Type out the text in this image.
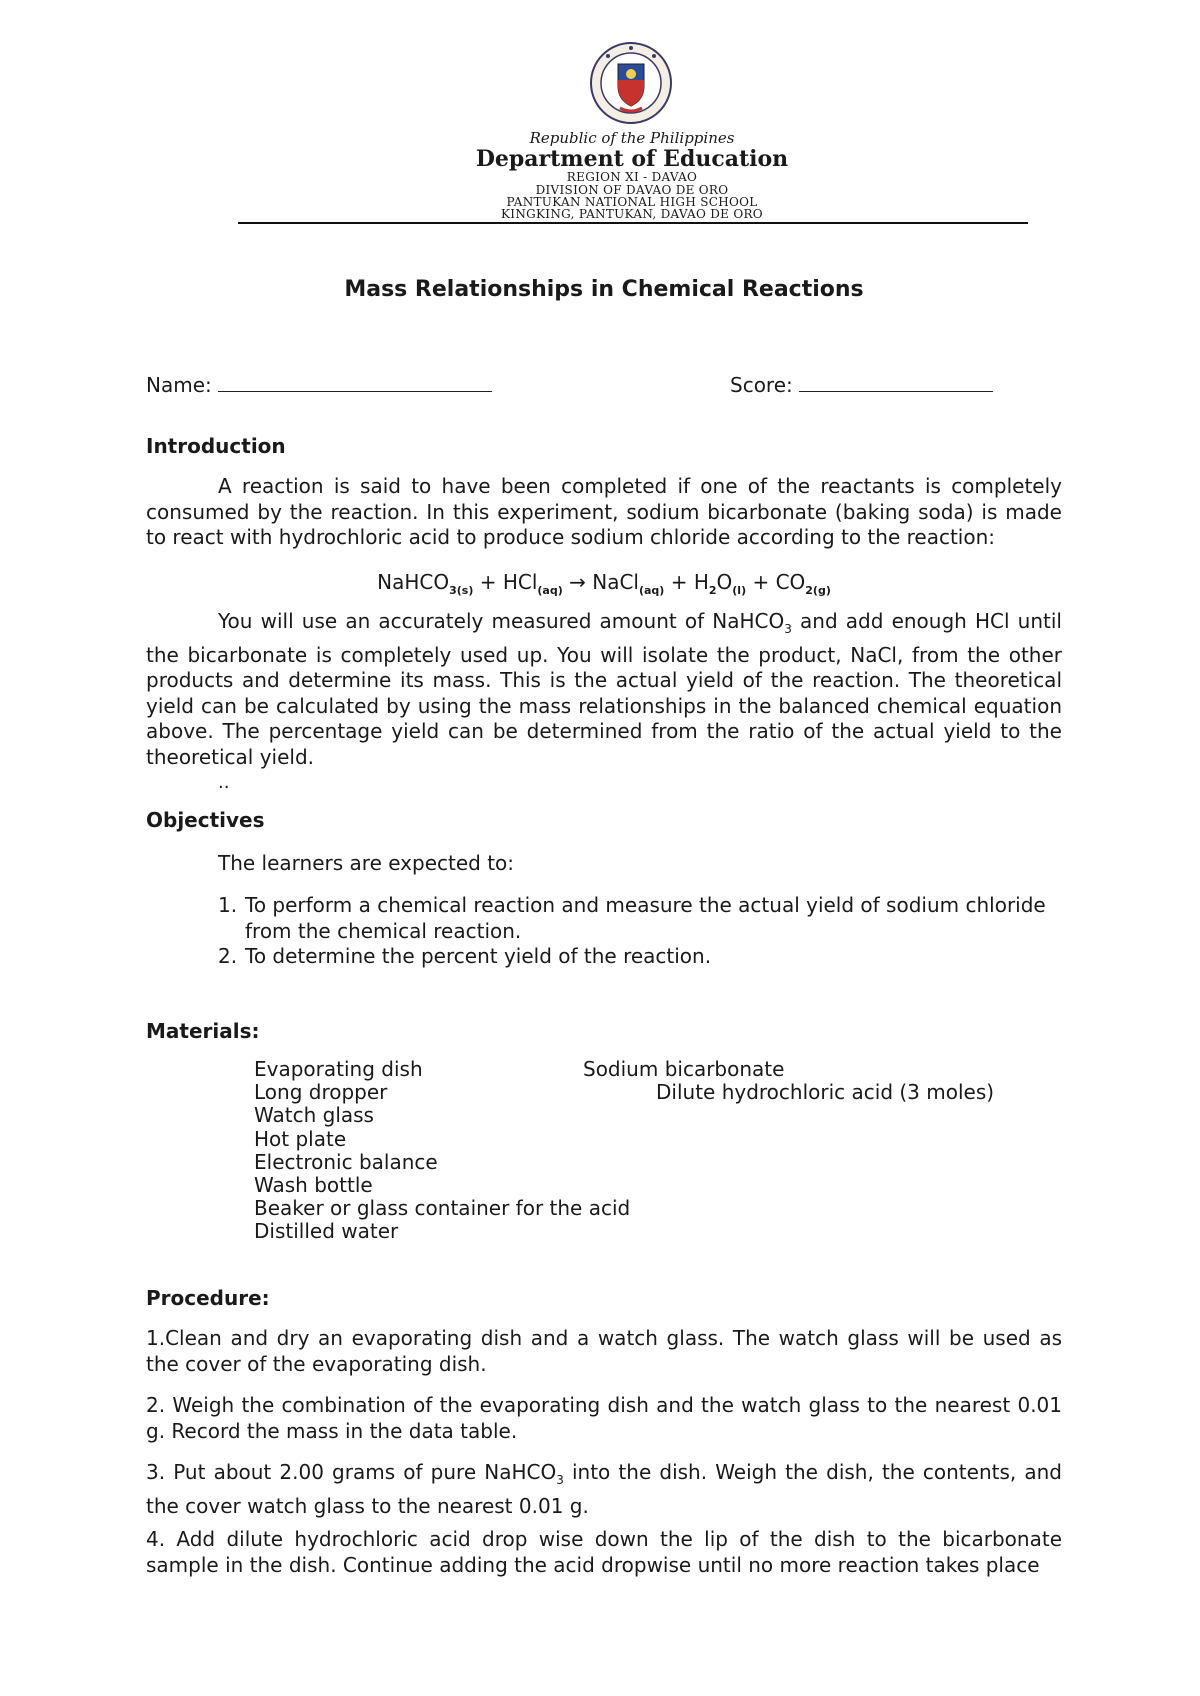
Republic of the Philippines
Department of Education
REGION XI - DAVAO
DIVISION OF DAVAO DE ORO
PANTUKAN NATIONAL HIGH SCHOOL
KINGKING, PANTUKAN, DAVAO DE ORO
Mass Relationships in Chemical Reactions
Name:	Score:
Introduction
A reaction is said to have been completed if one of the reactants is completely consumed by the reaction. In this experiment, sodium bicarbonate (baking soda) is made to react with hydrochloric acid to produce sodium chloride according to the reaction:
NaHCO$_{3(s)}$ + HCl$_{(aq)}$ → NaCl$_{(aq)}$ + $H_2O_{(l)} + CO_{2(g)}$
You will use an accurately measured amount of NaHCO$_3$ and add enough HCl until the bicarbonate is completely used up. You will isolate the product, NaCl, from the other products and determine its mass. This is the actual yield of the reaction. The theoretical yield can be calculated by using the mass relationships in the balanced chemical equation above. The percentage yield can be determined from the ratio of the actual yield to the theoretical yield.
..
Objectives
The learners are expected to:
1. To perform a chemical reaction and measure the actual yield of sodium chloride from the chemical reaction.
2. To determine the percent yield of the reaction.
Materials:
Evaporating dish
Long dropper
Watch glass
Hot plate
Electronic balance
Wash bottle
Beaker or glass container for the acid
Distilled water
Sodium bicarbonate
Dilute hydrochloric acid (3 moles)
Procedure:
1.Clean and dry an evaporating dish and a watch glass. The watch glass will be used as the cover of the evaporating dish.
2. Weigh the combination of the evaporating dish and the watch glass to the nearest 0.01 g. Record the mass in the data table.
3. Put about 2.00 grams of pure NaHCO$_3$ into the dish. Weigh the dish, the contents, and the cover watch glass to the nearest 0.01 g.
4. Add dilute hydrochloric acid drop wise down the lip of the dish to the bicarbonate sample in the dish. Continue adding the acid dropwise until no more reaction takes place
